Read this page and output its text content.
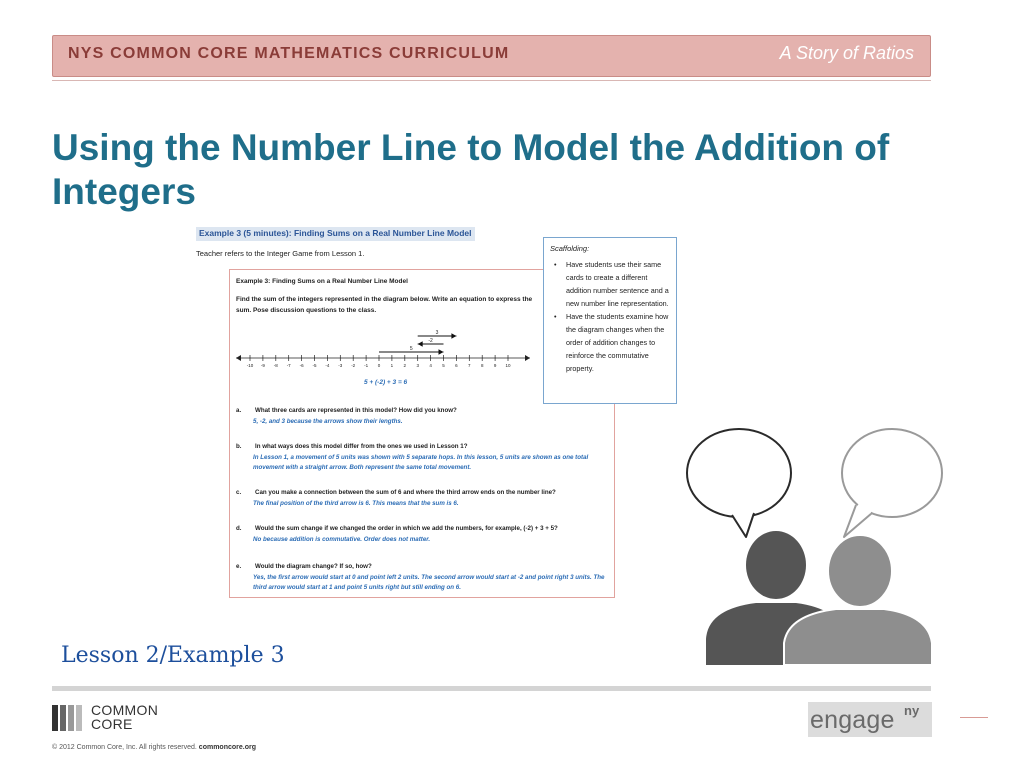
NYS COMMON CORE MATHEMATICS CURRICULUM	A Story of Ratios
Using the Number Line to Model the Addition of Integers
Example 3 (5 minutes): Finding Sums on a Real Number Line Model
Teacher refers to the Integer Game from Lesson 1.
Example 3: Finding Sums on a Real Number Line Model
Find the sum of the integers represented in the diagram below. Write an equation to express the sum. Pose discussion questions to the class.
-10 -9 -8 -7 -6 -5 -4 -3 -2 -1 0 1 2 3 4 5 6 7 8 9 10
5
-2
3
5 + (-2) + 3 = 6
a. What three cards are represented in this model? How did you know?
5, -2, and 3 because the arrows show their lengths.
b. In what ways does this model differ from the ones we used in Lesson 1?
In Lesson 1, a movement of 5 units was shown with 5 separate hops. In this lesson, 5 units are shown as one total movement with a straight arrow. Both represent the same total movement.
c. Can you make a connection between the sum of 6 and where the third arrow ends on the number line?
The final position of the third arrow is 6. This means that the sum is 6.
d. Would the sum change if we changed the order in which we add the numbers, for example, (-2) + 3 + 5?
No because addition is commutative. Order does not matter.
e. Would the diagram change? If so, how?
Yes, the first arrow would start at 0 and point left 2 units. The second arrow would start at -2 and point right 3 units. The third arrow would start at 1 and point 5 units right but still ending on 6.
Scaffolding:
• Have students use their same cards to create a different addition number sentence and a new number line representation.
• Have the students examine how the diagram changes when the order of addition changes to reinforce the commutative property.
Lesson 2/Example 3
COMMON
CORE
© 2012 Common Core, Inc. All rights reserved. commoncore.org
engage ny
